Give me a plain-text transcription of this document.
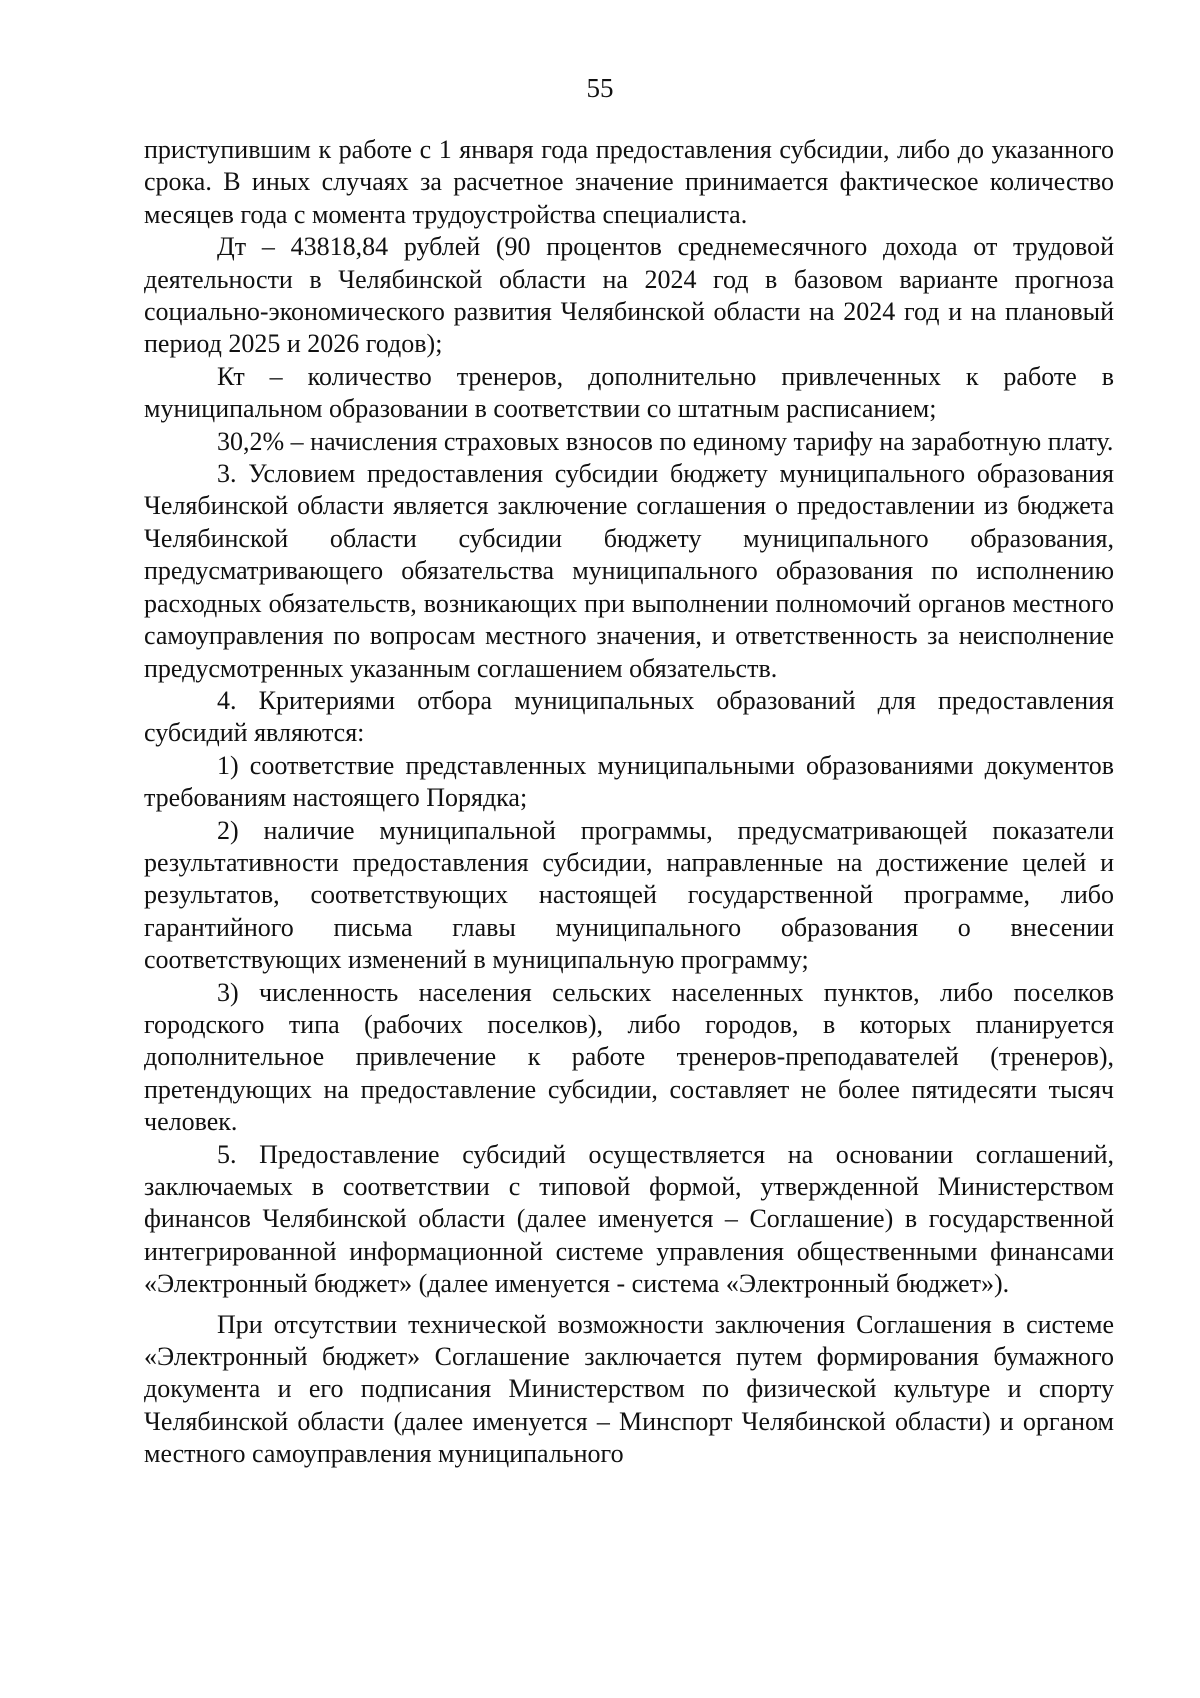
55

приступившим к работе с 1 января года предоставления субсидии, либо до указанного срока. В иных случаях за расчетное значение принимается фактическое количество месяцев года с момента трудоустройства специалиста.

Дт – 43818,84 рублей (90 процентов среднемесячного дохода от трудовой деятельности в Челябинской области на 2024 год в базовом варианте прогноза социально-экономического развития Челябинской области на 2024 год и на плановый период 2025 и 2026 годов);

Кт – количество тренеров, дополнительно привлеченных к работе в муниципальном образовании в соответствии со штатным расписанием;

30,2% – начисления страховых взносов по единому тарифу на заработную плату.

3. Условием предоставления субсидии бюджету муниципального образования Челябинской области является заключение соглашения о предоставлении из бюджета Челябинской области субсидии бюджету муниципального образования, предусматривающего обязательства муниципального образования по исполнению расходных обязательств, возникающих при выполнении полномочий органов местного самоуправления по вопросам местного значения, и ответственность за неисполнение предусмотренных указанным соглашением обязательств.

4. Критериями отбора муниципальных образований для предоставления субсидий являются:

1) соответствие представленных муниципальными образованиями документов требованиям настоящего Порядка;

2) наличие муниципальной программы, предусматривающей показатели результативности предоставления субсидии, направленные на достижение целей и результатов, соответствующих настоящей государственной программе, либо гарантийного письма главы муниципального образования о внесении соответствующих изменений в муниципальную программу;

3) численность населения сельских населенных пунктов, либо поселков городского типа (рабочих поселков), либо городов, в которых планируется дополнительное привлечение к работе тренеров-преподавателей (тренеров), претендующих на предоставление субсидии, составляет не более пятидесяти тысяч человек.

5. Предоставление субсидий осуществляется на основании соглашений, заключаемых в соответствии с типовой формой, утвержденной Министерством финансов Челябинской области (далее именуется – Соглашение) в государственной интегрированной информационной системе управления общественными финансами «Электронный бюджет» (далее именуется - система «Электронный бюджет»).

При отсутствии технической возможности заключения Соглашения в системе «Электронный бюджет» Соглашение заключается путем формирования бумажного документа и его подписания Министерством по физической культуре и спорту Челябинской области (далее именуется – Минспорт Челябинской области) и органом местного самоуправления муниципального
